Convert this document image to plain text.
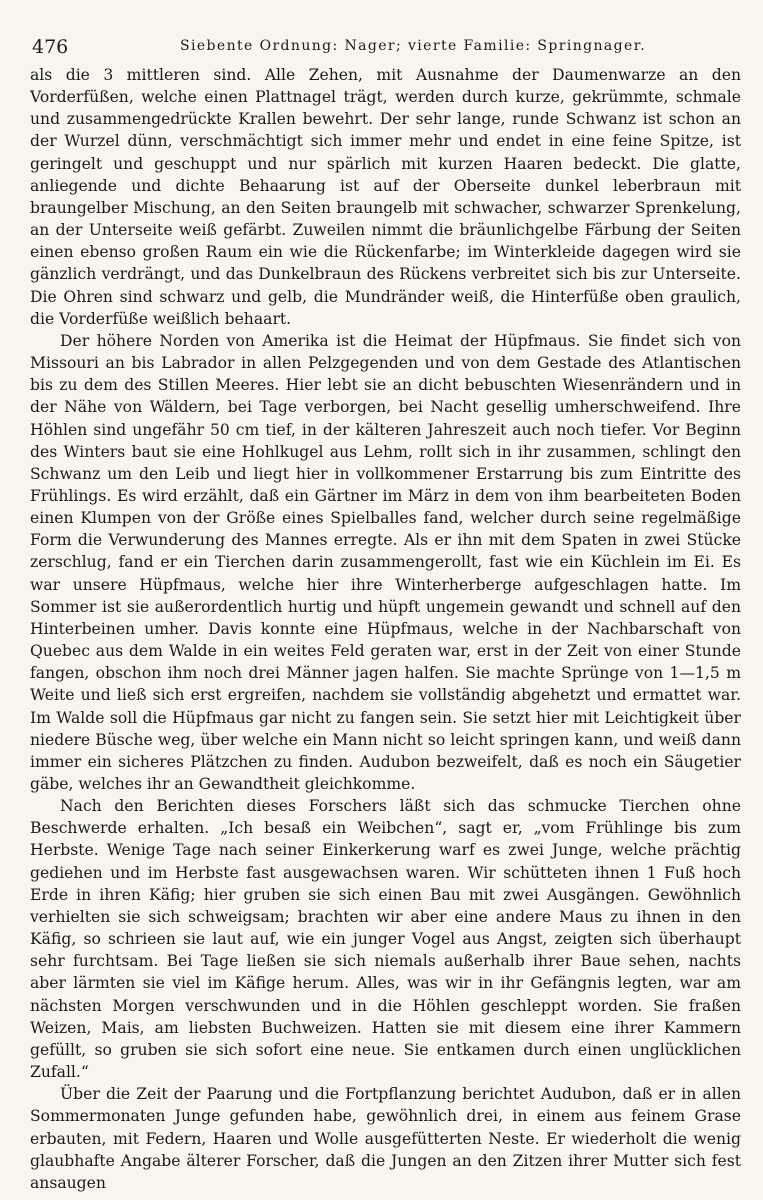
476	Siebente Ordnung: Nager; vierte Familie: Springnager.

als die 3 mittleren sind. Alle Zehen, mit Ausnahme der Daumenwarze an den Vorderfüßen, welche einen Plattnagel trägt, werden durch kurze, gekrümmte, schmale und zusammengedrückte Krallen bewehrt. Der sehr lange, runde Schwanz ist schon an der Wurzel dünn, verschmächtigt sich immer mehr und endet in eine feine Spitze, ist geringelt und geschuppt und nur spärlich mit kurzen Haaren bedeckt. Die glatte, anliegende und dichte Behaarung ist auf der Oberseite dunkel leberbraun mit braungelber Mischung, an den Seiten braungelb mit schwacher, schwarzer Sprenkelung, an der Unterseite weiß gefärbt. Zuweilen nimmt die bräunlichgelbe Färbung der Seiten einen ebenso großen Raum ein wie die Rückenfarbe; im Winterkleide dagegen wird sie gänzlich verdrängt, und das Dunkelbraun des Rückens verbreitet sich bis zur Unterseite. Die Ohren sind schwarz und gelb, die Mundränder weiß, die Hinterfüße oben graulich, die Vorderfüße weißlich behaart.

Der höhere Norden von Amerika ist die Heimat der Hüpfmaus. Sie findet sich von Missouri an bis Labrador in allen Pelzgegenden und von dem Gestade des Atlantischen bis zu dem des Stillen Meeres. Hier lebt sie an dicht bebuschten Wiesenrändern und in der Nähe von Wäldern, bei Tage verborgen, bei Nacht gesellig umherschweifend. Ihre Höhlen sind ungefähr 50 cm tief, in der kälteren Jahreszeit auch noch tiefer. Vor Beginn des Winters baut sie eine Hohlkugel aus Lehm, rollt sich in ihr zusammen, schlingt den Schwanz um den Leib und liegt hier in vollkommener Erstarrung bis zum Eintritte des Frühlings. Es wird erzählt, daß ein Gärtner im März in dem von ihm bearbeiteten Boden einen Klumpen von der Größe eines Spielballes fand, welcher durch seine regelmäßige Form die Verwunderung des Mannes erregte. Als er ihn mit dem Spaten in zwei Stücke zerschlug, fand er ein Tierchen darin zusammengerollt, fast wie ein Küchlein im Ei. Es war unsere Hüpfmaus, welche hier ihre Winterherberge aufgeschlagen hatte. Im Sommer ist sie außerordentlich hurtig und hüpft ungemein gewandt und schnell auf den Hinterbeinen umher. Davis konnte eine Hüpfmaus, welche in der Nachbarschaft von Quebec aus dem Walde in ein weites Feld geraten war, erst in der Zeit von einer Stunde fangen, obschon ihm noch drei Männer jagen halfen. Sie machte Sprünge von 1—1,5 m Weite und ließ sich erst ergreifen, nachdem sie vollständig abgehetzt und ermattet war. Im Walde soll die Hüpfmaus gar nicht zu fangen sein. Sie setzt hier mit Leichtigkeit über niedere Büsche weg, über welche ein Mann nicht so leicht springen kann, und weiß dann immer ein sicheres Plätzchen zu finden. Audubon bezweifelt, daß es noch ein Säugetier gäbe, welches ihr an Gewandtheit gleichkomme.

Nach den Berichten dieses Forschers läßt sich das schmucke Tierchen ohne Beschwerde erhalten. „Ich besaß ein Weibchen“, sagt er, „vom Frühlinge bis zum Herbste. Wenige Tage nach seiner Einkerkerung warf es zwei Junge, welche prächtig gediehen und im Herbste fast ausgewachsen waren. Wir schütteten ihnen 1 Fuß hoch Erde in ihren Käfig; hier gruben sie sich einen Bau mit zwei Ausgängen. Gewöhnlich verhielten sie sich schweigsam; brachten wir aber eine andere Maus zu ihnen in den Käfig, so schrieen sie laut auf, wie ein junger Vogel aus Angst, zeigten sich überhaupt sehr furchtsam. Bei Tage ließen sie sich niemals außerhalb ihrer Baue sehen, nachts aber lärmten sie viel im Käfige herum. Alles, was wir in ihr Gefängnis legten, war am nächsten Morgen verschwunden und in die Höhlen geschleppt worden. Sie fraßen Weizen, Mais, am liebsten Buchweizen. Hatten sie mit diesem eine ihrer Kammern gefüllt, so gruben sie sich sofort eine neue. Sie entkamen durch einen unglücklichen Zufall.“

Über die Zeit der Paarung und die Fortpflanzung berichtet Audubon, daß er in allen Sommermonaten Junge gefunden habe, gewöhnlich drei, in einem aus feinem Grase erbauten, mit Federn, Haaren und Wolle ausgefütterten Neste. Er wiederholt die wenig glaubhafte Angabe älterer Forscher, daß die Jungen an den Zitzen ihrer Mutter sich fest ansaugen
